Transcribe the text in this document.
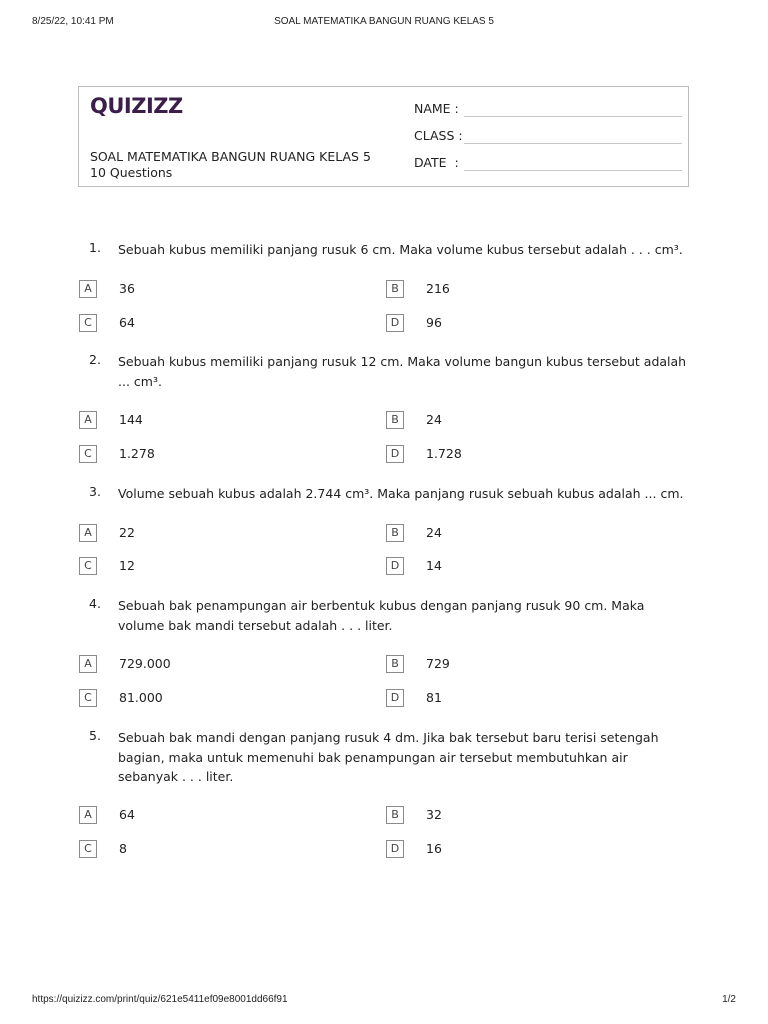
8/25/22, 10:41 PM	SOAL MATEMATIKA BANGUN RUANG KELAS 5
QUIZIZZ
SOAL MATEMATIKA BANGUN RUANG KELAS 5
10 Questions
NAME :
CLASS :
DATE  :
1. Sebuah kubus memiliki panjang rusuk 6 cm. Maka volume kubus tersebut adalah . . . cm³.
A	36	B	216
C	64	D	96
2. Sebuah kubus memiliki panjang rusuk 12 cm. Maka volume bangun kubus tersebut adalah ... cm³.
A	144	B	24
C	1.278	D	1.728
3. Volume sebuah kubus adalah 2.744 cm³. Maka panjang rusuk sebuah kubus adalah ... cm.
A	22	B	24
C	12	D	14
4. Sebuah bak penampungan air berbentuk kubus dengan panjang rusuk 90 cm. Maka volume bak mandi tersebut adalah . . . liter.
A	729.000	B	729
C	81.000	D	81
5. Sebuah bak mandi dengan panjang rusuk 4 dm. Jika bak tersebut baru terisi setengah bagian, maka untuk memenuhi bak penampungan air tersebut membutuhkan air sebanyak . . . liter.
A	64	B	32
C	8	D	16
https://quizizz.com/print/quiz/621e5411ef09e8001dd66f91	1/2
